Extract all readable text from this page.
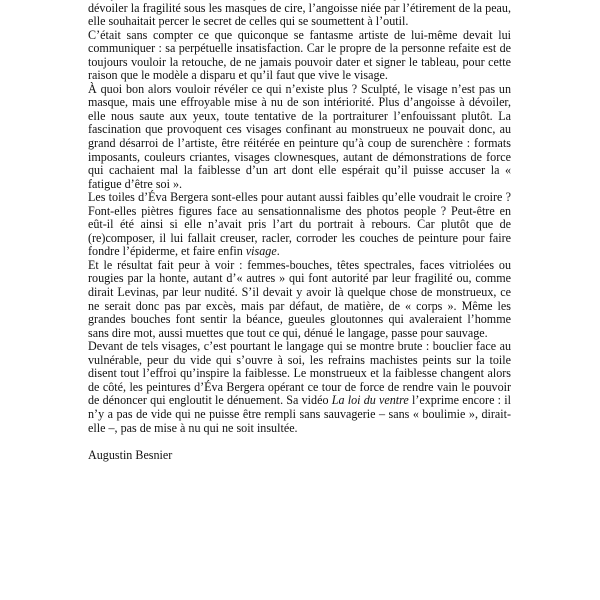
dévoiler la fragilité sous les masques de cire, l’angoisse niée par l’étirement de la peau, elle souhaitait percer le secret de celles qui se soumettent à l’outil.

C’était sans compter ce que quiconque se fantasme artiste de lui-même devait lui communiquer : sa perpétuelle insatisfaction. Car le propre de la personne refaite est de toujours vouloir la retouche, de ne jamais pouvoir dater et signer le tableau, pour cette raison que le modèle a disparu et qu’il faut que vive le visage.

À quoi bon alors vouloir révéler ce qui n’existe plus ? Sculpté, le visage n’est pas un masque, mais une effroyable mise à nu de son intériorité. Plus d’angoisse à dévoiler, elle nous saute aux yeux, toute tentative de la portraiturer l’enfouissant plutôt. La fascination que provoquent ces visages confinant au monstrueux ne pouvait donc, au grand désarroi de l’artiste, être réitérée en peinture qu’à coup de surenchère : formats imposants, couleurs criantes, visages clownesques, autant de démonstrations de force qui cachaient mal la faiblesse d’un art dont elle espérait qu’il puisse accuser la « fatigue d’être soi ».

Les toiles d’Éva Bergera sont-elles pour autant aussi faibles qu’elle voudrait le croire ? Font-elles piètres figures face au sensationnalisme des photos people ? Peut-être en eût-il été ainsi si elle n’avait pris l’art du portrait à rebours. Car plutôt que de (re)composer, il lui fallait creuser, racler, corroder les couches de peinture pour faire fondre l’épiderme, et faire enfin visage.

Et le résultat fait peur à voir : femmes-bouches, têtes spectrales, faces vitriolées ou rougies par la honte, autant d’« autres » qui font autorité par leur fragilité ou, comme dirait Levinas, par leur nudité. S’il devait y avoir là quelque chose de monstrueux, ce ne serait donc pas par excès, mais par défaut, de matière, de « corps ». Même les grandes bouches font sentir la béance, gueules gloutonnes qui avaleraient l’homme sans dire mot, aussi muettes que tout ce qui, dénué le langage, passe pour sauvage.

Devant de tels visages, c’est pourtant le langage qui se montre brute : bouclier face au vulnérable, peur du vide qui s’ouvre à soi, les refrains machistes peints sur la toile disent tout l’effroi qu’inspire la faiblesse. Le monstrueux et la faiblesse changent alors de côté, les peintures d’Éva Bergera opérant ce tour de force de rendre vain le pouvoir de dénoncer qui engloutit le dénuement. Sa vidéo La loi du ventre l’exprime encore : il n’y a pas de vide qui ne puisse être rempli sans sauvagerie – sans « boulimie », dirait-elle –, pas de mise à nu qui ne soit insultée.

Augustin Besnier
